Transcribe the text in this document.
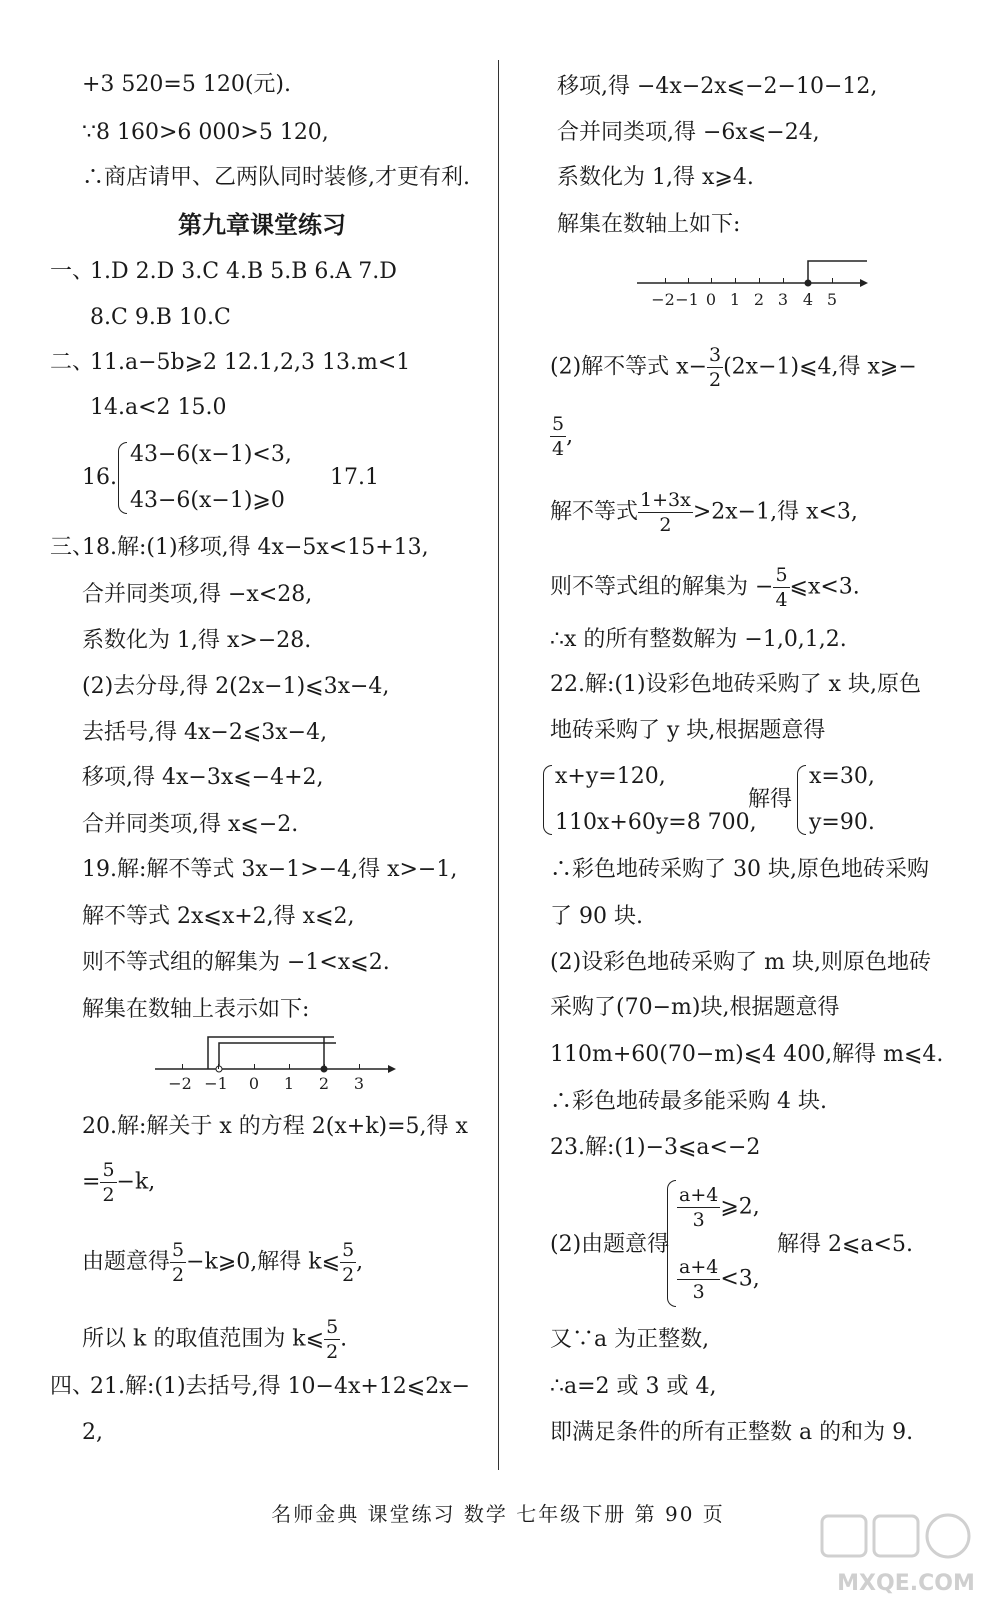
+3 520=5 120(元).
∵8 160>6 000>5 120,
∴商店请甲、乙两队同时装修,才更有利.
第九章课堂练习
一、
1.D 2.D 3.C 4.B 5.B 6.A 7.D
8.C 9.B 10.C
二、
11.a−5b⩾2 12.1,2,3 13.m<1
14.a<2 15.0
16.
43−6(x−1)<3,
43−6(x−1)⩾0
17.1
三、
18.解:(1)移项,得 4x−5x<15+13,
合并同类项,得 −x<28,
系数化为 1,得 x>−28.
(2)去分母,得 2(2x−1)⩽3x−4,
去括号,得 4x−2⩽3x−4,
移项,得 4x−3x⩽−4+2,
合并同类项,得 x⩽−2.
19.解:解不等式 3x−1>−4,得 x>−1,
解不等式 2x⩽x+2,得 x⩽2,
则不等式组的解集为 −1<x⩽2.
解集在数轴上表示如下:
−2 −1 0 1 2 3
20.解:解关于 x 的方程 2(x+k)=5,得 x
= $\frac{5}{2} -k$,
由题意得 $\frac{5}{2}$ −k⩾0,解得 k⩽ $\frac{5}{2}$ ,
所以 k 的取值范围为 k⩽ $\frac{5}{2}$ .
四、
21.解:(1)去括号,得 10−4x+12⩽2x−
2,
移项,得 −4x−2x⩽−2−10−12,
合并同类项,得 −6x⩽−24,
系数化为 1,得 x⩾4.
解集在数轴上如下:
−2 −1 0 1 2 3 4 5
(2)解不等式 $x- \frac{3}{2}$ (2x−1)⩽4,得 x⩾−
$\frac{5}{4}$ ,
解不等式 $\frac{1+3x}{2} >2x-1$,得 x<3,
则不等式组的解集为 − $\frac{5}{4}$ ⩽x<3.
∴x 的所有整数解为 −1,0,1,2.
22.解:(1)设彩色地砖采购了 x 块,原色
地砖采购了 y 块,根据题意得
x+y=120,
110x+60y=8 700,
解得
x=30,
y=90.
∴彩色地砖采购了 30 块,原色地砖采购
了 90 块.
(2)设彩色地砖采购了 m 块,则原色地砖
采购了(70−m)块,根据题意得
110m+60(70−m)⩽4 400,解得 m⩽4.
∴彩色地砖最多能采购 4 块.
23.解:(1)−3⩽a<−2
(2)由题意得
$\frac{a+4}{3}$ ⩾2,
$\frac{a+4}{3} <3$,
解得 2⩽a<5.
又∵a 为正整数,
∴a=2 或 3 或 4,
即满足条件的所有正整数 a 的和为 9.
名师金典 课堂练习 数学 七年级下册 第 90 页
MXQE.COM
